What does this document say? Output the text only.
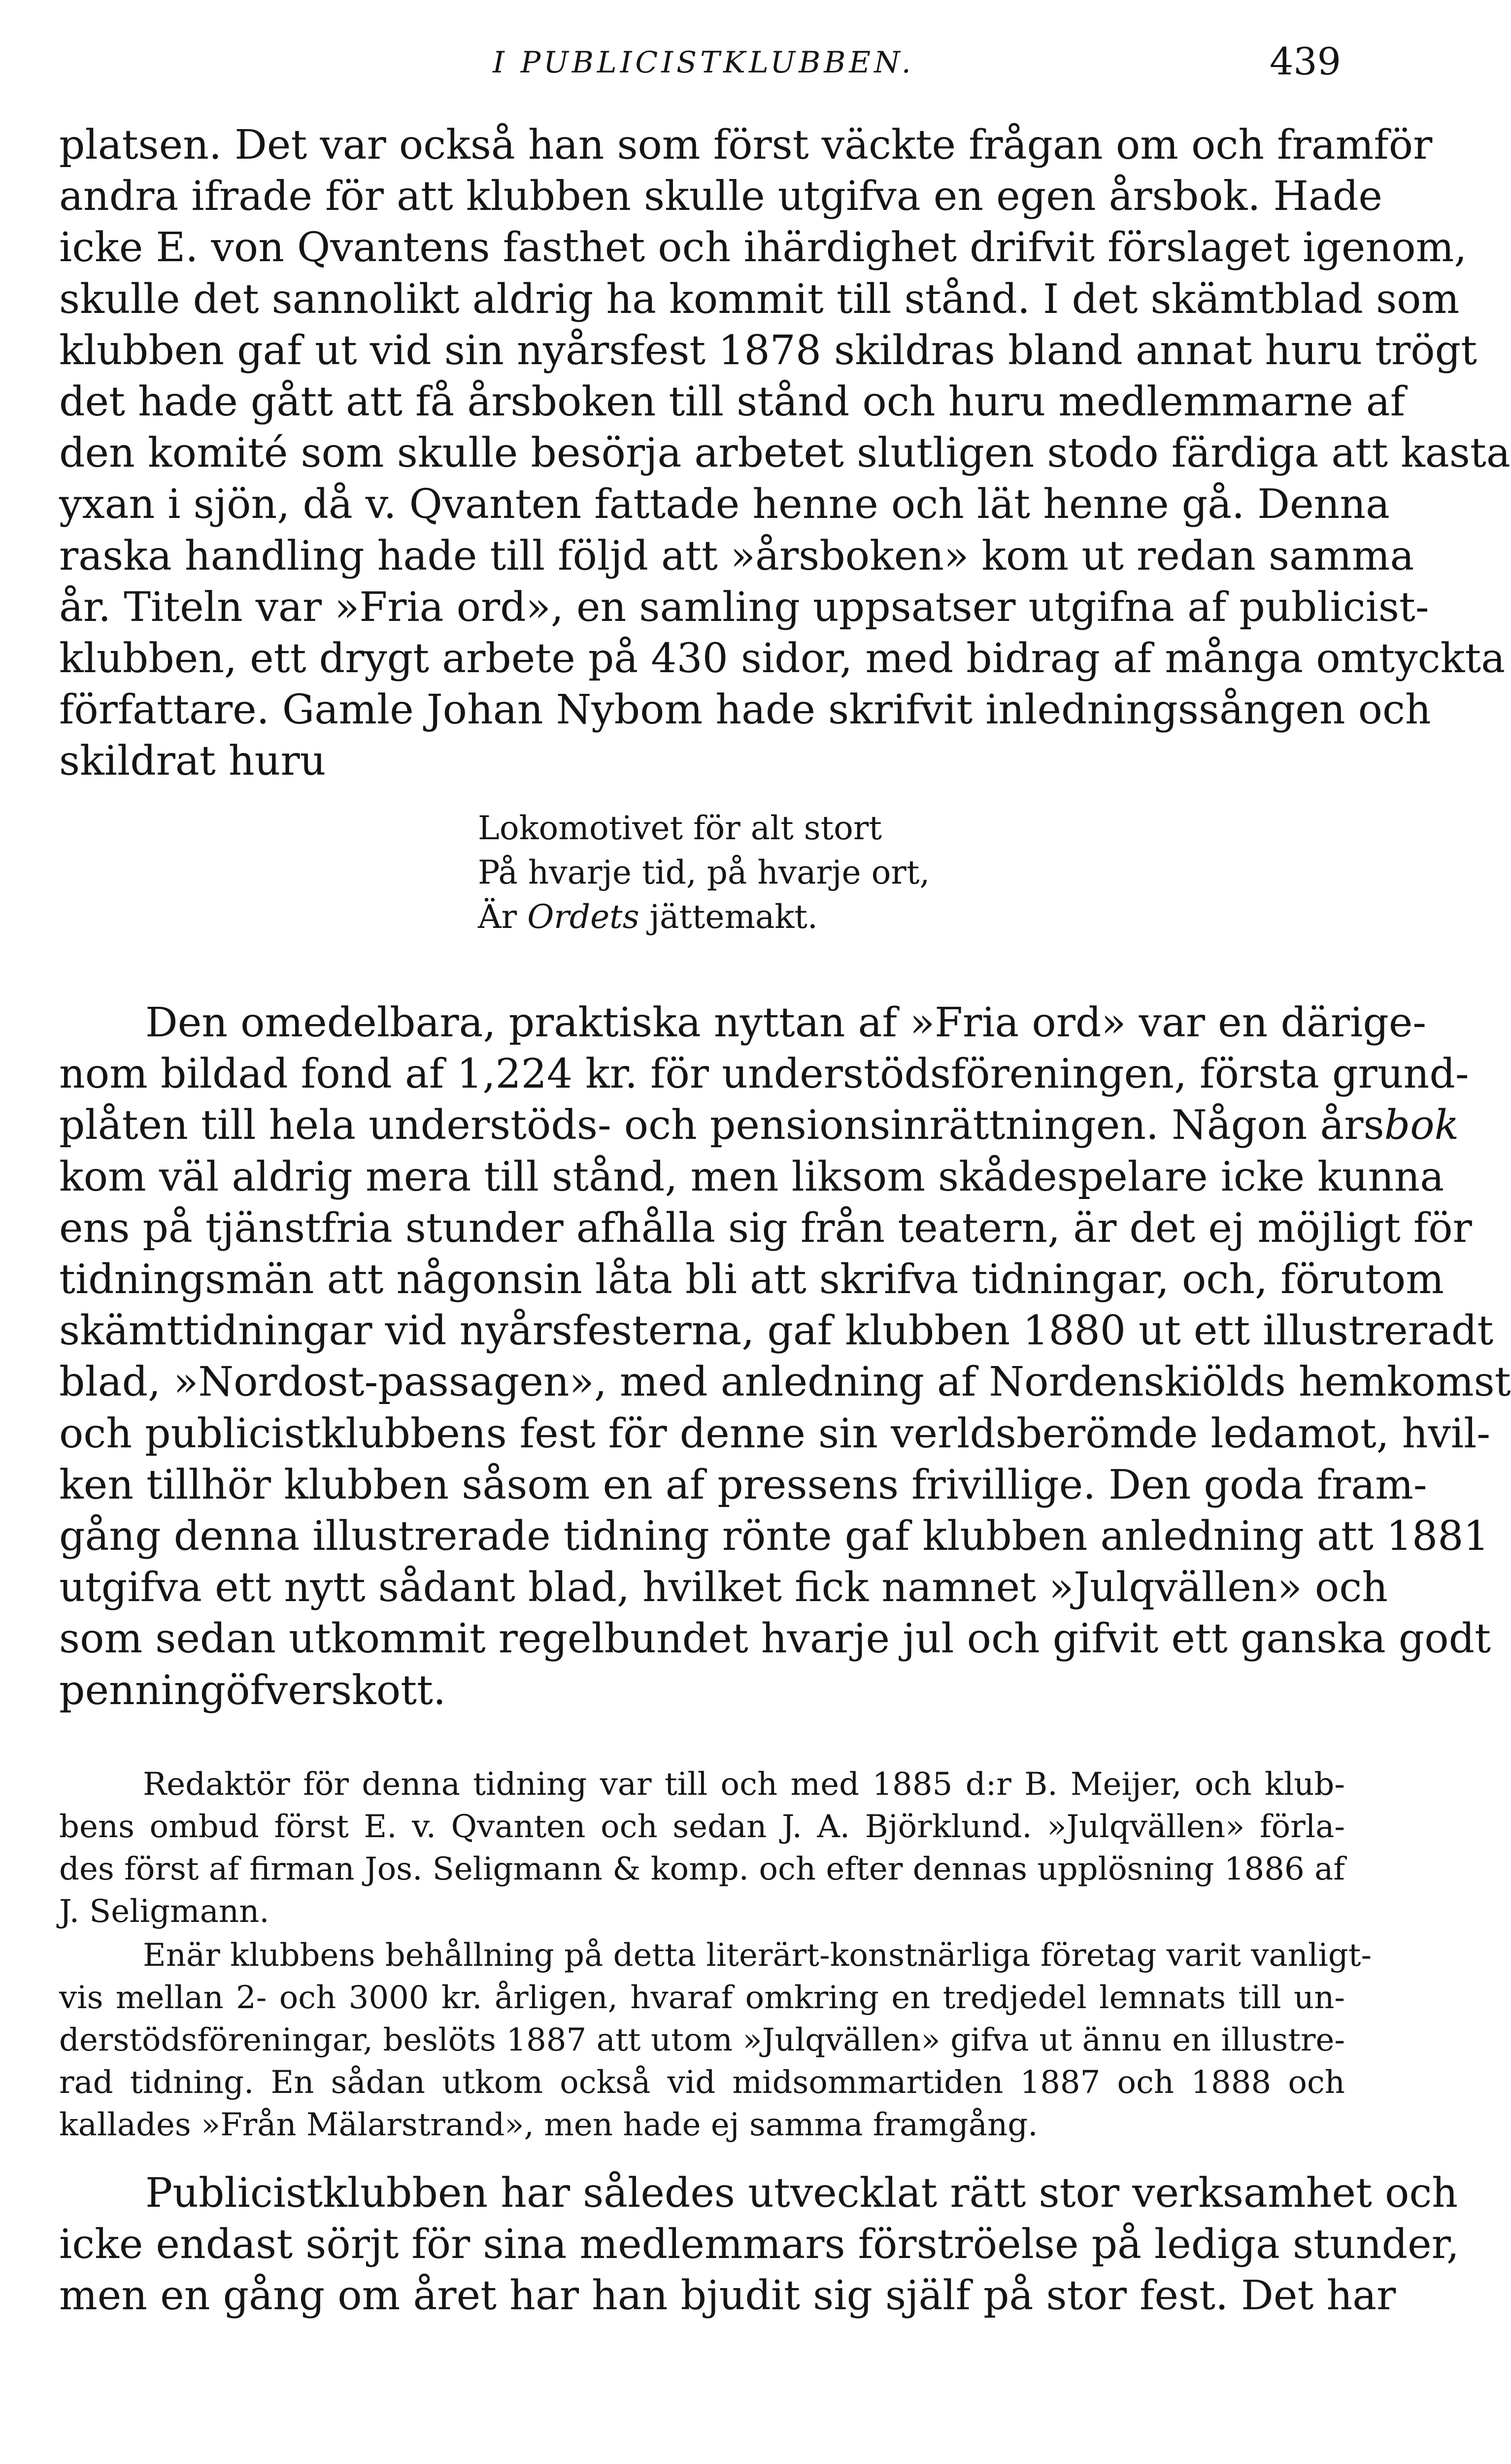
I PUBLICISTKLUBBEN.	439
platsen. Det var också han som först väckte frågan om och framför
andra ifrade för att klubben skulle utgifva en egen årsbok. Hade
icke E. von Qvantens fasthet och ihärdighet drifvit förslaget igenom,
skulle det sannolikt aldrig ha kommit till stånd. I det skämtblad som
klubben gaf ut vid sin nyårsfest 1878 skildras bland annat huru trögt
det hade gått att få årsboken till stånd och huru medlemmarne af
den komité som skulle besörja arbetet slutligen stodo färdiga att kasta
yxan i sjön, då v. Qvanten fattade henne och lät henne gå. Denna
raska handling hade till följd att »årsboken» kom ut redan samma
år. Titeln var »Fria ord», en samling uppsatser utgifna af publicist-
klubben, ett drygt arbete på 430 sidor, med bidrag af många omtyckta
författare. Gamle Johan Nybom hade skrifvit inledningssången och
skildrat huru
Lokomotivet för alt stort
På hvarje tid, på hvarje ort,
Är Ordets jättemakt.
Den omedelbara, praktiska nyttan af »Fria ord» var en därige-
nom bildad fond af 1,224 kr. för understödsföreningen, första grund-
plåten till hela understöds- och pensionsinrättningen. Någon årsbok
kom väl aldrig mera till stånd, men liksom skådespelare icke kunna
ens på tjänstfria stunder afhålla sig från teatern, är det ej möjligt för
tidningsmän att någonsin låta bli att skrifva tidningar, och, förutom
skämttidningar vid nyårsfesterna, gaf klubben 1880 ut ett illustreradt
blad, »Nordost-passagen», med anledning af Nordenskiölds hemkomst
och publicistklubbens fest för denne sin verldsberömde ledamot, hvil-
ken tillhör klubben såsom en af pressens frivillige. Den goda fram-
gång denna illustrerade tidning rönte gaf klubben anledning att 1881
utgifva ett nytt sådant blad, hvilket fick namnet »Julqvällen» och
som sedan utkommit regelbundet hvarje jul och gifvit ett ganska godt
penningöfverskott.
Redaktör för denna tidning var till och med 1885 d:r B. Meijer, och klub-
bens ombud först E. v. Qvanten och sedan J. A. Björklund. »Julqvällen» förla-
des först af firman Jos. Seligmann & komp. och efter dennas upplösning 1886 af
J. Seligmann.
Enär klubbens behållning på detta literärt-konstnärliga företag varit vanligt-
vis mellan 2- och 3000 kr. årligen, hvaraf omkring en tredjedel lemnats till un-
derstödsföreningar, beslöts 1887 att utom »Julqvällen» gifva ut ännu en illustre-
rad tidning. En sådan utkom också vid midsommartiden 1887 och 1888 och
kallades »Från Mälarstrand», men hade ej samma framgång.
Publicistklubben har således utvecklat rätt stor verksamhet och
icke endast sörjt för sina medlemmars förströelse på lediga stunder,
men en gång om året har han bjudit sig själf på stor fest. Det har
